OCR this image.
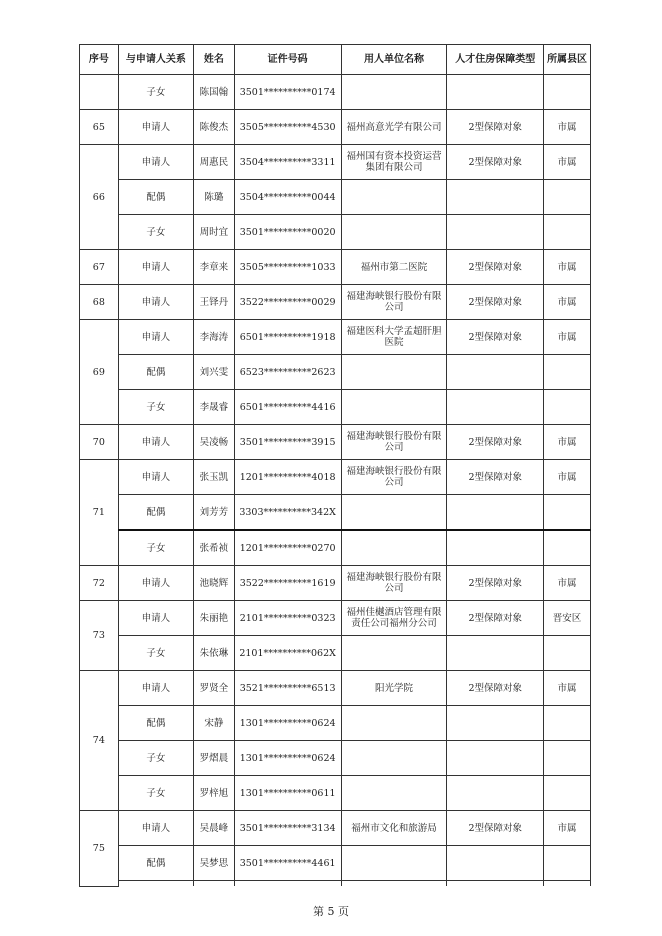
序号	与申请人关系	姓名	证件号码	用人单位名称	人才住房保障类型	所属县区
	子女	陈国翰	3501**********0174			
65	申请人	陈俊杰	3505**********4530	福州高意光学有限公司	2型保障对象	市属
66	申请人	周惠民	3504**********3311	福州国有资本投资运营集团有限公司	2型保障对象	市属
	配偶	陈璐	3504**********0044			
	子女	周时宜	3501**********0020			
67	申请人	李章来	3505**********1033	福州市第二医院	2型保障对象	市属
68	申请人	王铎丹	3522**********0029	福建海峡银行股份有限公司	2型保障对象	市属
69	申请人	李海涛	6501**********1918	福建医科大学孟超肝胆医院	2型保障对象	市属
	配偶	刘兴雯	6523**********2623			
	子女	李晟睿	6501**********4416			
70	申请人	吴凌畅	3501**********3915	福建海峡银行股份有限公司	2型保障对象	市属
71	申请人	张玉凯	1201**********4018	福建海峡银行股份有限公司	2型保障对象	市属
	配偶	刘芳芳	3303**********342X			
	子女	张希祯	1201**********0270			
72	申请人	池晓辉	3522**********1619	福建海峡银行股份有限公司	2型保障对象	市属
73	申请人	朱丽艳	2101**********0323	福州佳樾酒店管理有限责任公司福州分公司	2型保障对象	晋安区
	子女	朱依琳	2101**********062X			
74	申请人	罗贤全	3521**********6513	阳光学院	2型保障对象	市属
	配偶	宋静	1301**********0624			
	子女	罗熠晨	1301**********0624			
	子女	罗梓旭	1301**********0611			
75	申请人	吴晨峰	3501**********3134	福州市文化和旅游局	2型保障对象	市属
	配偶	吴梦思	3501**********4461			

第 5 页
